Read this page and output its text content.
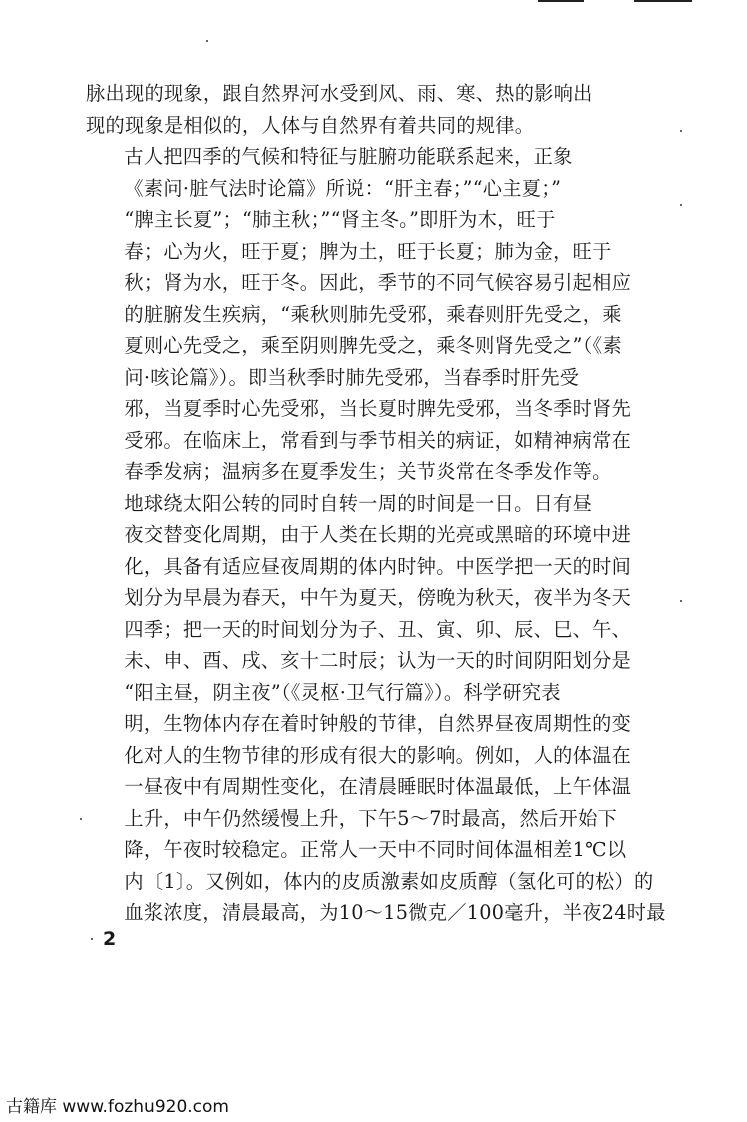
脉出现的现象，跟自然界河水受到风、雨、寒、热的影响出
现的现象是相似的，人体与自然界有着共同的规律。
古人把四季的气候和特征与脏腑功能联系起来，正象
《素问·脏气法时论篇》所说：“肝主春；”“心主夏；”
“脾主长夏”；“肺主秋；”“肾主冬。”即肝为木，旺于
春；心为火，旺于夏；脾为土，旺于长夏；肺为金，旺于
秋；肾为水，旺于冬。因此，季节的不同气候容易引起相应
的脏腑发生疾病，“乘秋则肺先受邪，乘春则肝先受之，乘
夏则心先受之，乘至阴则脾先受之，乘冬则肾先受之”（《素
问·咳论篇》）。即当秋季时肺先受邪，当春季时肝先受
邪，当夏季时心先受邪，当长夏时脾先受邪，当冬季时肾先
受邪。在临床上，常看到与季节相关的病证，如精神病常在
春季发病；温病多在夏季发生；关节炎常在冬季发作等。
地球绕太阳公转的同时自转一周的时间是一日。日有昼
夜交替变化周期，由于人类在长期的光亮或黑暗的环境中进
化，具备有适应昼夜周期的体内时钟。中医学把一天的时间
划分为早晨为春天，中午为夏天，傍晚为秋天，夜半为冬天
四季；把一天的时间划分为子、丑、寅、卯、辰、巳、午、
未、申、酉、戌、亥十二时辰；认为一天的时间阴阳划分是
“阳主昼，阴主夜”（《灵枢·卫气行篇》）。科学研究表
明，生物体内存在着时钟般的节律，自然界昼夜周期性的变
化对人的生物节律的形成有很大的影响。例如，人的体温在
一昼夜中有周期性变化，在清晨睡眠时体温最低，上午体温
上升，中午仍然缓慢上升，下午5～7时最高，然后开始下
降，午夜时较稳定。正常人一天中不同时间体温相差1℃以
内〔1〕。又例如，体内的皮质激素如皮质醇（氢化可的松）的
血浆浓度，清晨最高，为10～15微克／100毫升，半夜24时最
2
古籍库 www.fozhu920.com
